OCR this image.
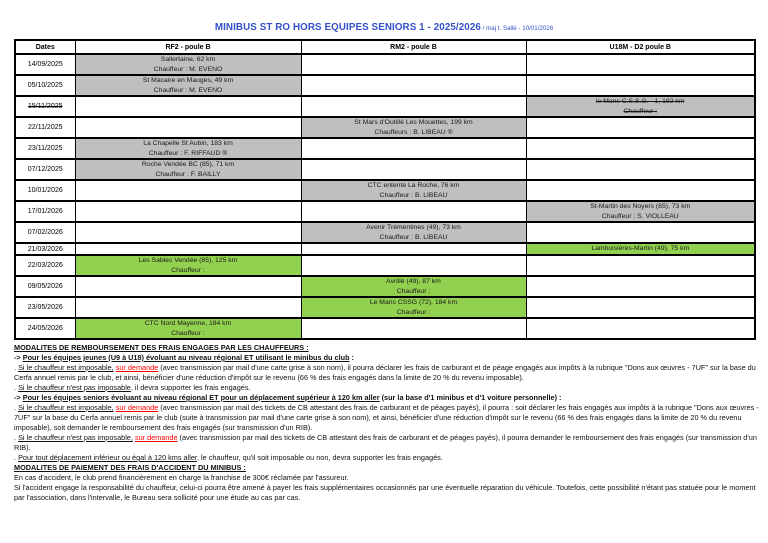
MINIBUS ST RO HORS EQUIPES SENIORS 1 - 2025/2026 / maj t. Sallé - 10/01/2026
Dates	RF2 - poule B	RM2 - poule B	U18M - D2 poule B
14/09/2025	Sallertaine, 62 km
Chauffeur : M. EVENO		

05/10/2025	St Macaire en Mauges, 49 km
Chauffeur : M. EVENO		

15/11/2025			le Mans C.S.S.G. - 1, 192 km
Chauffeur :

22/11/2025		St Mars d'Outillé Les Mouettes, 199 km
Chauffeurs : B. LIBEAU ®	

23/11/2025	La Chapelle St Aubin, 183 km
Chauffeur : F. RIFFAUD ®		

07/12/2025	Roche Vendée BC (85), 71 km
Chauffeur : F. BAILLY		

10/01/2026		CTC entente La Roche, 76 km
Chauffeur : B. LIBEAU	

17/01/2026			St-Martin des Noyers (85), 73 km
Chauffeur : S. VIOLLEAU

07/02/2026		Avenir Trémentines (49), 73 km
Chauffeur : B. LIBEAU	

21/03/2026			Lamboisières-Martin (49), 75 km

22/03/2026	Les Sables Vendée (85), 125 km
Chauffeur :		

09/05/2026		Avrillé (49), 87 km
Chauffeur :	

23/05/2026		Le Mans CSSG (72), 184 km
Chauffeur :	

24/05/2026	CTC Nord Mayenne, 184 km
Chauffeur :		

MODALITES DE REMBOURSEMENT DES FRAIS ENGAGES PAR LES CHAUFFEURS :
-> Pour les équipes jeunes (U9 à U18) évoluant au niveau régional ET utilisant le minibus du club :
. Si le chauffeur est imposable, sur demande (avec transmission par mail d'une carte grise à son nom), il pourra déclarer les frais de carburant et de péage engagés aux impôts à la rubrique "Dons aux œuvres - 7UF" sur la base du Cerfa annuel remis par le club, et ainsi, bénéficier d'une réduction d'impôt sur le revenu (66 % des frais engagés dans la limite de 20 % du revenu imposable).
. Si le chauffeur n'est pas imposable, il devra supporter les frais engagés.
-> Pour les équipes seniors évoluant au niveau régional ET pour un déplacement supérieur à 120 km aller (sur la base d'1 minibus et d'1 voiture personnelle) :
. Si le chauffeur est imposable, sur demande (avec transmission par mail des tickets de CB attestant des frais de carburant et de péages payés), il pourra : soit déclarer les frais engagés aux impôts à la rubrique "Dons aux œuvres - 7UF" sur la base du Cerfa annuel remis par le club (suite à transmission par mail d'une carte grise à son nom), et ainsi, bénéficier d'une réduction d'impôt sur le revenu (66 % des frais engagés dans la limite de 20 % du revenu imposable), soit demander le remboursement des frais engagés (sur transmission d'un RIB).
. Si le chauffeur n'est pas imposable, sur demande (avec transmission par mail des tickets de CB attestant des frais de carburant et de péages payés), il pourra demander le remboursement des frais engagés (sur transmission d'un RIB).
. Pour tout déplacement inférieur ou égal à 120 kms aller, le chauffeur, qu'il soit imposable ou non, devra supporter les frais engagés.
MODALITES DE PAIEMENT DES FRAIS D'ACCIDENT DU MINIBUS :
En cas d'accident, le club prend financièrement en charge la franchise de 300€ réclamée par l'assureur.
Si l'accident engage la responsabilité du chauffeur, celui-ci pourra être amené à payer les frais supplémentaires occasionnés par une éventuelle réparation du véhicule. Toutefois, cette possibilité n'étant pas statuée pour le moment par l'association, dans l'intervalle, le Bureau sera sollicité pour une étude au cas par cas.
